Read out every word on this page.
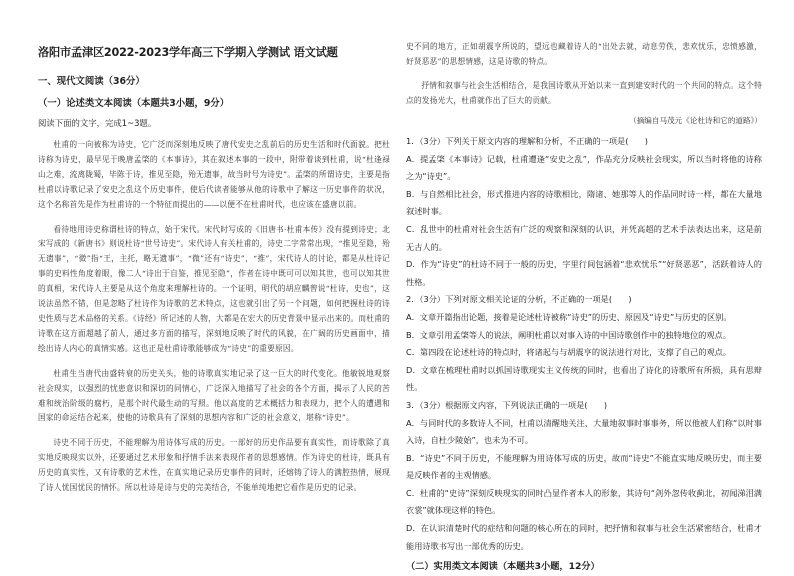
洛阳市孟津区2022-2023学年高三下学期入学测试 语文试题
一、现代文阅读（36分）
（一）论述类文本阅读（本题共3小题，9分）
阅读下面的文字，完成1~3题。

杜甫的一向被称为诗史，它广泛而深刻地反映了唐代安史之乱前后的历史生活和时代面貌。把杜诗称为诗史，最早见于晚唐孟棨的《本事诗》，其在叙述本事的一段中，附带着谈到杜甫，说“杜逢禄山之难，流离陇蜀，毕陈于诗，推见至隐，殆无遗事，故当时号为诗史”。孟棨的所谓诗史，主要是指杜甫以诗歌记录了安史之乱这个历史事件，使后代读者能够从他的诗歌中了解这一历史事件的状况，这个名称首先是作为杜甫诗的一个特征而提出的——以便不在杜甫时代，也应该在盛唐以前。

看待地用诗史称谓杜诗的特点，始于宋代。宋代时写成的《旧唐书·杜甫本传》没有提到诗史；北宋写成的《新唐书》则说杜诗“世号诗史”。宋代诗人有关杜甫的，诗史二字常常出现，“推见至隐，殆无遗事”，“微”指“王，主托，略无遗事”，“微”还有“诗史”，“推”，宋代诗人的讨论，都是从杜诗记事的史料性角度着眼，像二人“诗出于自鉴，推见至隐”，作者在诗中既可可以知其世，也可以知其世的真相，宋代诗人主要是从这个角度来理解杜诗的。一个证明，明代的胡应麟曾说“杜诗，史也”，这说法虽然不错，但是忽略了杜诗作为诗歌的艺术特点，这也就引出了另一个问题，如何把握杜诗的诗史性质与艺术品格的关系。《诗经》所记述的人物，大都是在宏大的历史背景中显示出来的。而杜甫的诗歌在这方面超越了前人，通过多方面的描写，深刻地反映了时代的风貌，在广阔的历史画面中，描绘出诗人内心的真情实感。这也正是杜甫诗歌能够成为“诗史”的重要原因。

杜甫生当唐代由盛转衰的历史关头，他的诗歌真实地记录了这一巨大的时代变化。他敏锐地观察社会现实，以强烈的忧患意识和深切的同情心，广泛深入地描写了社会的各个方面，揭示了人民的苦难和统治阶级的腐朽，是那个时代最生动的写照。他以高度的艺术概括力和表现力，把个人的遭遇和国家的命运结合起来，使他的诗歌具有了深刻的思想内容和广泛的社会意义，堪称“诗史”。

诗史不同于历史，不能理解为用诗体写成的历史。一部好的历史作品要有真实性，而诗歌除了真实地反映现实以外，还要通过艺术形象和抒情手法来表现作者的思想感情。作为诗史的杜诗，既具有历史的真实性，又有诗歌的艺术性，在真实地记录历史事件的同时，还熔铸了诗人的满腔热情，展现了诗人忧国忧民的情怀。所以杜诗是诗与史的完美结合，不能单纯地把它看作是历史的记录。

史不同的地方，正如胡震亨所说的，望远也藏着诗人的“出处去就，动息劳佚，悲欢忧乐，忠愤感激，好贤恶恶”的思想情感，这是诗歌的特点。

抒情和叙事与社会生活相结合，是我国诗歌从开始以来一直到建安时代的一个共同的特点。这个特点的发扬光大，杜甫就作出了巨大的贡献。

（摘编自马茂元《论杜诗和它的道路》）
1．（3分）下列关于原文内容的理解和分析，不正确的一项是(　　)
A．提孟棨《本事诗》记载，杜甫遭逢“安史之乱”，作品充分反映社会现实，所以当时将他的诗称之为“诗史”。
B．与自然相比社会，形式推进内容的诗歌相比，隋诸、她那等人的作品同时诗一样，都在大量地叙述时事。
C．乱世中的杜甫对社会生活有广泛的观察和深刻的认识，并凭高超的艺术手法表达出来，这是前无古人的。
D．作为“诗史”的杜诗不同于一般的历史，字里行间包涵着“悲欢忧乐”“好贤恶恶”，活跃着诗人的性格。
2．（3分）下列对原文相关论证的分析，不正确的一项是(　　)
A．文章开篇指出论题，接着是论述杜诗被称“诗史”的历史、原因及“诗史”与历史的区别。
B．文章引用孟棨等人的说法，阐明杜甫以对事入诗的中国诗歌创作中的独特地位的观点。
C．第四段在论述杜诗的特点时，将诸起与与胡震亨的说法进行对比，支撑了自己的观点。
D．文章在梳理杜甫时以抓国诗歌现实主义传统的同时，也看出了诗化的诗歌所有所损，具有思辩性。
3．（3分）根据原文内容，下列说法正确的一项是(　　)
A．与同时代的多数诗人不同，杜甫以清醒地关注、大量地叙事时事事务，所以他被人们称“以时事入诗，自杜少陵始”，也未为不可。
B．“诗史”不同于历史，不能理解为用诗体写成的历史，故而“诗史”不能直实地反映历史，而主要是反映作者的主观情感。
C．杜甫的“史诗”深刻反映现实的同时凸显作者本人的形象，其诗句“剑外忽传收蓟北，初闻涕泪满衣裳”就体现这样的特色。
D．在认识清楚时代的症结和问题的核心所在的同时，把抒情和叙事与社会生活紧密结合，杜甫才能用诗歌书写出一部优秀的历史。
（二）实用类文本阅读（本题共3小题，12分）
